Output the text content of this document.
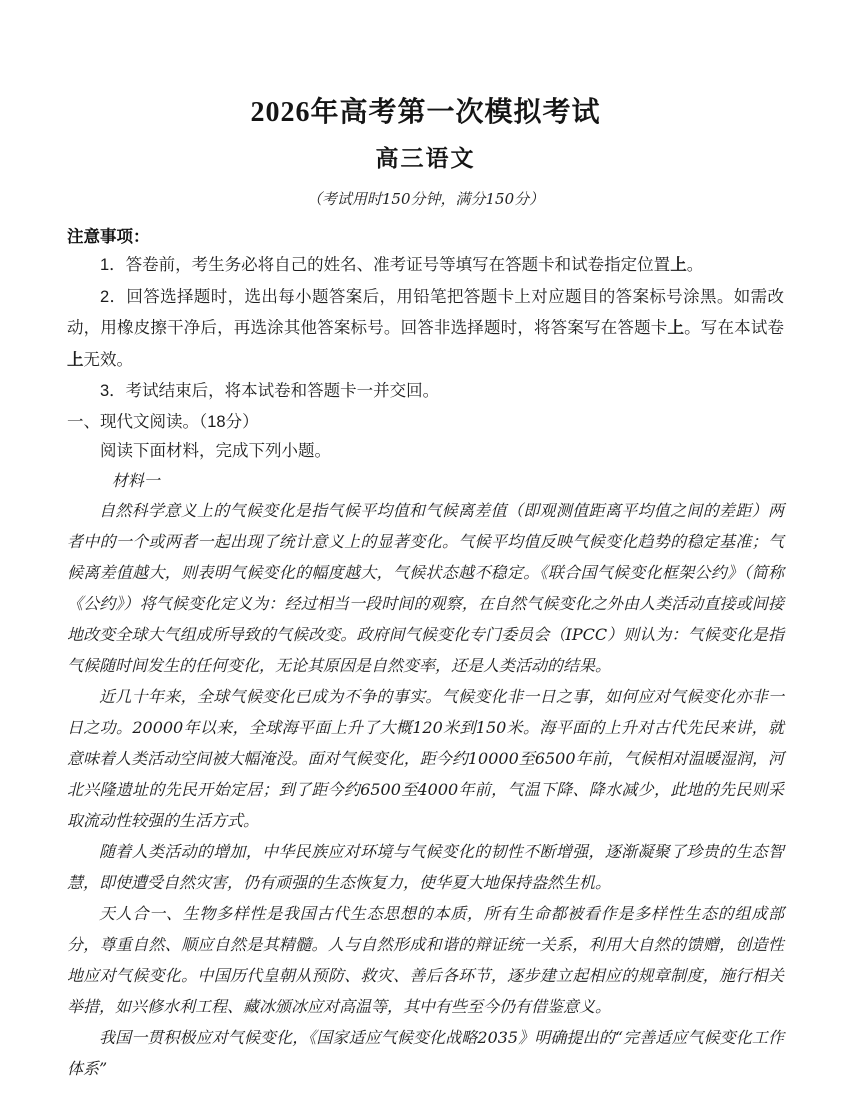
2026年高考第一次模拟考试
高三语文
（考试用时150分钟，满分150分）
注意事项：

1．答卷前，考生务必将自己的姓名、准考证号等填写在答题卡和试卷指定位置上。

2．回答选择题时，选出每小题答案后，用铅笔把答题卡上对应题目的答案标号涂黑。如需改动，用橡皮擦干净后，再选涂其他答案标号。回答非选择题时，将答案写在答题卡上。写在本试卷上无效。

3．考试结束后，将本试卷和答题卡一并交回。

一、现代文阅读。（18分）

阅读下面材料，完成下列小题。

材料一

自然科学意义上的气候变化是指气候平均值和气候离差值（即观测值距离平均值之间的差距）两者中的一个或两者一起出现了统计意义上的显著变化。气候平均值反映气候变化趋势的稳定基准；气候离差值越大，则表明气候变化的幅度越大，气候状态越不稳定。《联合国气候变化框架公约》（简称《公约》）将气候变化定义为：经过相当一段时间的观察，在自然气候变化之外由人类活动直接或间接地改变全球大气组成所导致的气候改变。政府间气候变化专门委员会（IPCC）则认为：气候变化是指气候随时间发生的任何变化，无论其原因是自然变率，还是人类活动的结果。

近几十年来，全球气候变化已成为不争的事实。气候变化非一日之事，如何应对气候变化亦非一日之功。20000年以来，全球海平面上升了大概120米到150米。海平面的上升对古代先民来讲，就意味着人类活动空间被大幅淹没。面对气候变化，距今约10000至6500年前，气候相对温暖湿润，河北兴隆遗址的先民开始定居；到了距今约6500至4000年前，气温下降、降水减少，此地的先民则采取流动性较强的生活方式。

随着人类活动的增加，中华民族应对环境与气候变化的韧性不断增强，逐渐凝聚了珍贵的生态智慧，即使遭受自然灾害，仍有顽强的生态恢复力，使华夏大地保持盎然生机。

天人合一、生物多样性是我国古代生态思想的本质，所有生命都被看作是多样性生态的组成部分，尊重自然、顺应自然是其精髓。人与自然形成和谐的辩证统一关系，利用大自然的馈赠，创造性地应对气候变化。中国历代皇朝从预防、救灾、善后各环节，逐步建立起相应的规章制度，施行相关举措，如兴修水利工程、藏冰颁冰应对高温等，其中有些至今仍有借鉴意义。

我国一贯积极应对气候变化，《国家适应气候变化战略2035》明确提出的“完善适应气候变化工作体系”
